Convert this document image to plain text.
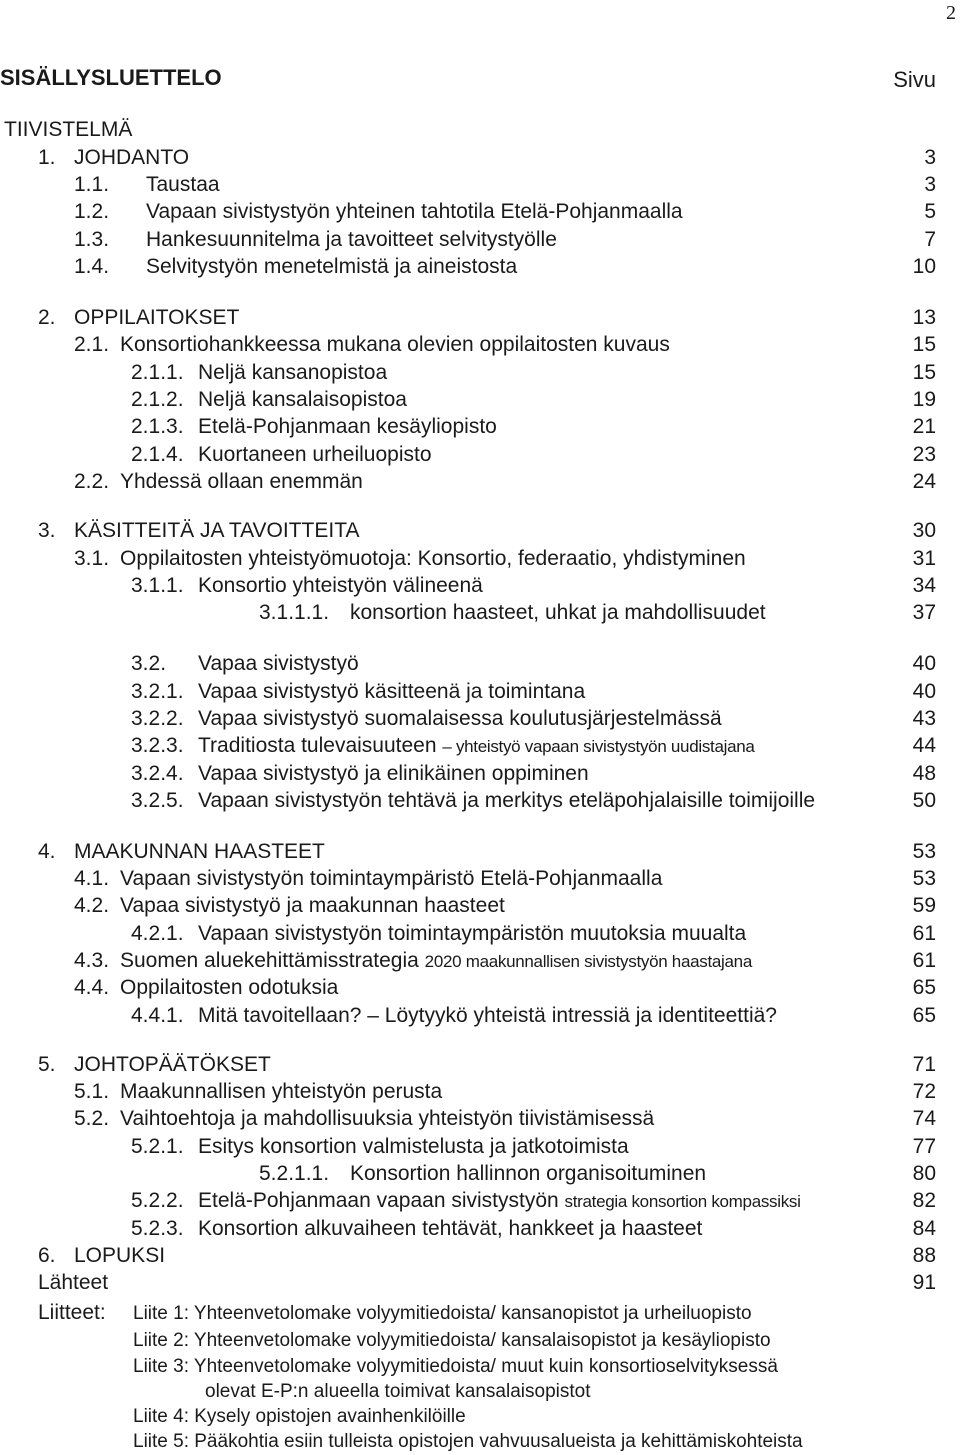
2
SISÄLLYSLUETTELO	Sivu
TIIVISTELMÄ
1. JOHDANTO	3
1.1. Taustaa	3
1.2. Vapaan sivistystyön yhteinen tahtotila Etelä-Pohjanmaalla	5
1.3. Hankesuunnitelma ja tavoitteet selvitystyölle	7
1.4. Selvitystyön menetelmistä ja aineistosta	10
2. OPPILAITOKSET	13
2.1. Konsortiohankkeessa mukana olevien oppilaitosten kuvaus	15
2.1.1. Neljä kansanopistoa	15
2.1.2. Neljä kansalaisopistoa	19
2.1.3. Etelä-Pohjanmaan kesäyliopisto	21
2.1.4. Kuortaneen urheiluopisto	23
2.2. Yhdessä ollaan enemmän	24
3. KÄSITTEITÄ JA TAVOITTEITA	30
3.1. Oppilaitosten yhteistyömuotoja: Konsortio, federaatio, yhdistyminen	31
3.1.1. Konsortio yhteistyön välineenä	34
3.1.1.1. konsortion haasteet, uhkat ja mahdollisuudet	37
3.2. Vapaa sivistystyö	40
3.2.1. Vapaa sivistystyö käsitteenä ja toimintana	40
3.2.2. Vapaa sivistystyö suomalaisessa koulutusjärjestelmässä	43
3.2.3. Traditiosta tulevaisuuteen – yhteistyö vapaan sivistystyön uudistajana	44
3.2.4. Vapaa sivistystyö ja elinikäinen oppiminen	48
3.2.5. Vapaan sivistystyön tehtävä ja merkitys eteläpohjalaisille toimijoille	50
4. MAAKUNNAN HAASTEET	53
4.1. Vapaan sivistystyön toimintaympäristö Etelä-Pohjanmaalla	53
4.2. Vapaa sivistystyö ja maakunnan haasteet	59
4.2.1. Vapaan sivistystyön toimintaympäristön muutoksia muualta	61
4.3. Suomen aluekehittämisstrategia 2020 maakunnallisen sivistystyön haastajana	61
4.4. Oppilaitosten odotuksia	65
4.4.1. Mitä tavoitellaan? – Löytyykö yhteistä intressiä ja identiteettiä?	65
5. JOHTOPÄÄTÖKSET	71
5.1. Maakunnallisen yhteistyön perusta	72
5.2. Vaihtoehtoja ja mahdollisuuksia yhteistyön tiivistämisessä	74
5.2.1. Esitys konsortion valmistelusta ja jatkotoimista	77
5.2.1.1. Konsortion hallinnon organisoituminen	80
5.2.2. Etelä-Pohjanmaan vapaan sivistystyön strategia konsortion kompassiksi	82
5.2.3. Konsortion alkuvaiheen tehtävät, hankkeet ja haasteet	84
6. LOPUKSI	88
Lähteet	91
Liitteet: Liite 1: Yhteenvetolomake volyymitiedoista/ kansanopistot ja urheiluopisto
Liite 2: Yhteenvetolomake volyymitiedoista/ kansalaisopistot ja kesäyliopisto
Liite 3: Yhteenvetolomake volyymitiedoista/ muut kuin konsortioselvityksessä
olevat E-P:n alueella toimivat kansalaisopistot
Liite 4: Kysely opistojen avainhenkilöille
Liite 5: Pääkohtia esiin tulleista opistojen vahvuusalueista ja kehittämiskohteista
